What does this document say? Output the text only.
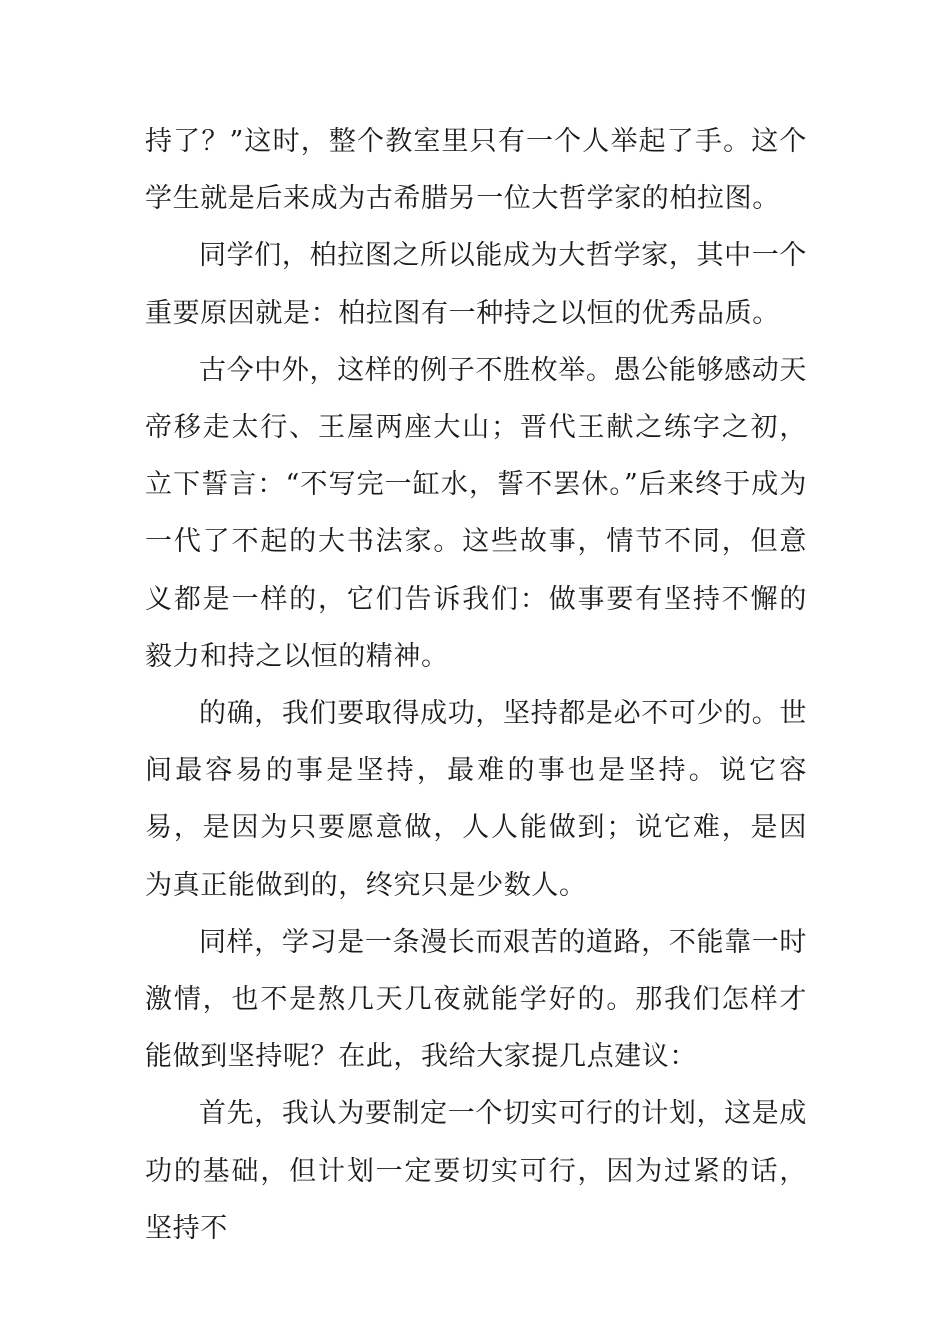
持了？”这时，整个教室里只有一个人举起了手。这个学生就是后来成为古希腊另一位大哲学家的柏拉图。

同学们，柏拉图之所以能成为大哲学家，其中一个重要原因就是：柏拉图有一种持之以恒的优秀品质。

古今中外，这样的例子不胜枚举。愚公能够感动天帝移走太行、王屋两座大山；晋代王献之练字之初，立下誓言：“不写完一缸水，誓不罢休。”后来终于成为一代了不起的大书法家。这些故事，情节不同，但意义都是一样的，它们告诉我们：做事要有坚持不懈的毅力和持之以恒的精神。

的确，我们要取得成功，坚持都是必不可少的。世间最容易的事是坚持，最难的事也是坚持。说它容易，是因为只要愿意做，人人能做到；说它难，是因为真正能做到的，终究只是少数人。

同样，学习是一条漫长而艰苦的道路，不能靠一时激情，也不是熬几天几夜就能学好的。那我们怎样才能做到坚持呢？在此，我给大家提几点建议：

首先，我认为要制定一个切实可行的计划，这是成功的基础，但计划一定要切实可行，因为过紧的话，坚持不
